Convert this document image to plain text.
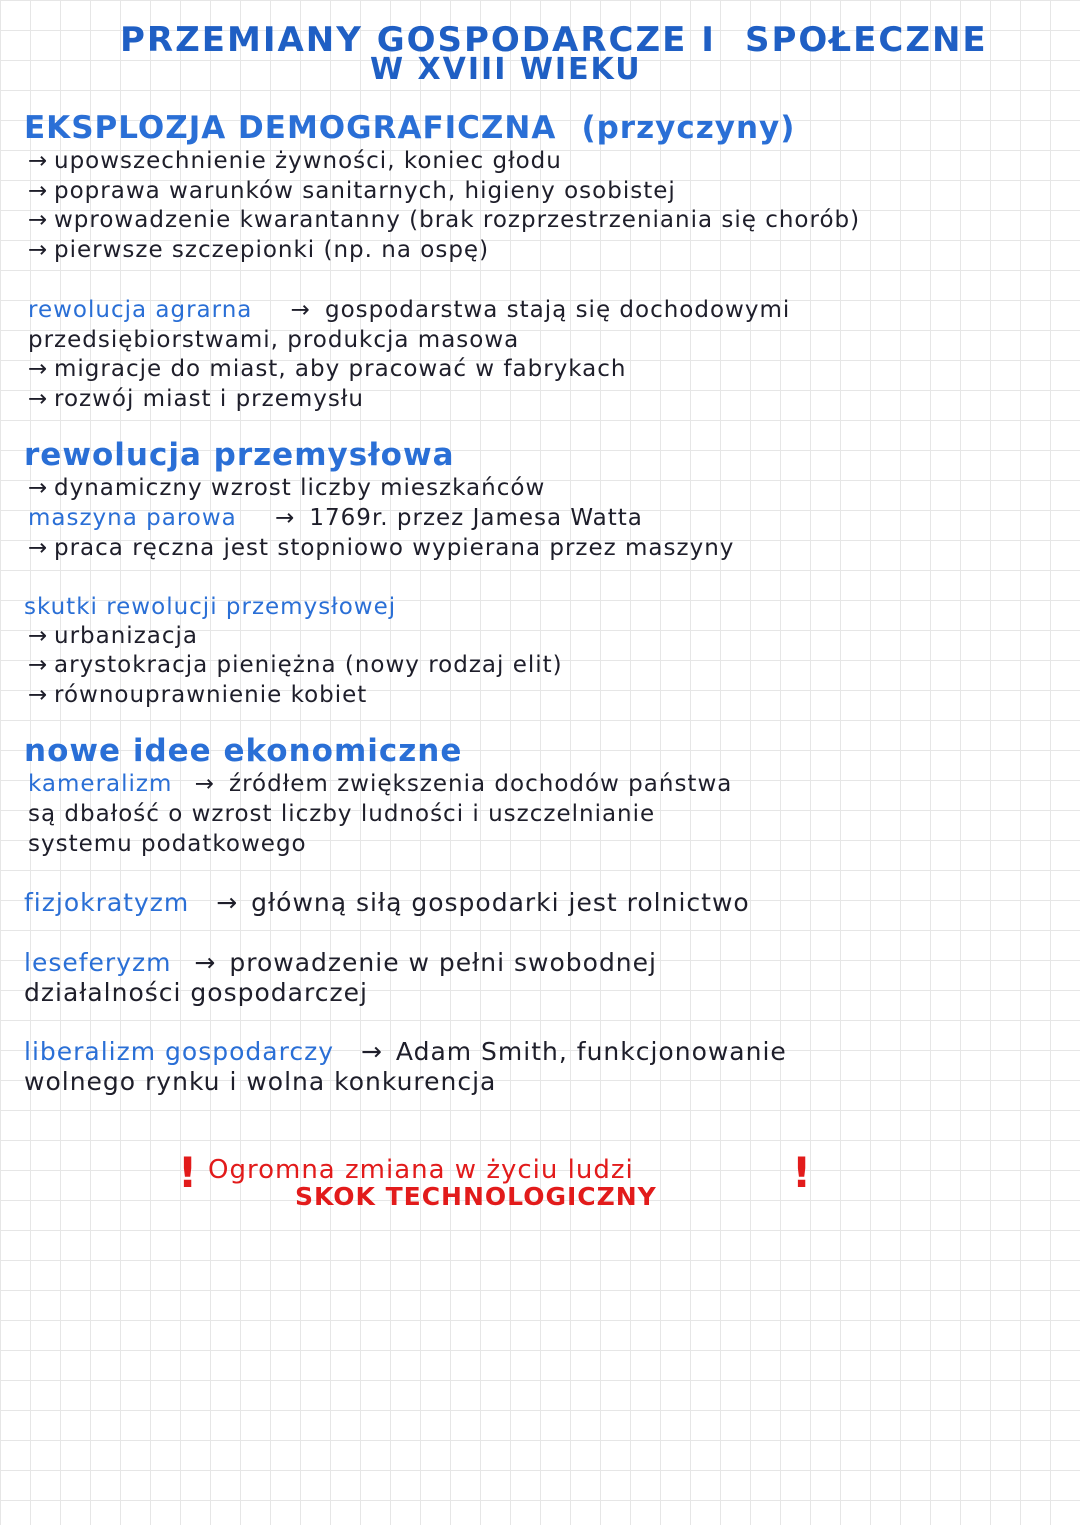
PRZEMIANY GOSPODARCZE I SPOŁECZNE
W XVIII WIEKU
EKSPLOZJA DEMOGRAFICZNA (przyczyny)
→ upowszechnienie żywności, koniec głodu
→ poprawa warunków sanitarnych, higieny osobistej
→ wprowadzenie kwarantanny (brak rozprzestrzeniania się chorób)
→ pierwsze szczepionki (np. na ospę)
rewolucja agrarna → gospodarstwa stają się dochodowymi
przedsiębiorstwami, produkcja masowa
→ migracje do miast, aby pracować w fabrykach
→ rozwój miast i przemysłu
rewolucja przemysłowa
→ dynamiczny wzrost liczby mieszkańców
maszyna parowa → 1769r. przez Jamesa Watta
→ praca ręczna jest stopniowo wypierana przez maszyny
skutki rewolucji przemysłowej
→ urbanizacja
→ arystokracja pieniężna (nowy rodzaj elit)
→ równouprawnienie kobiet
nowe idee ekonomiczne
kameralizm → źródłem zwiększenia dochodów państwa
są dbałość o wzrost liczby ludności i uszczelnianie
systemu podatkowego
fizjokratyzm → główną siłą gospodarki jest rolnictwo
leseferyzm → prowadzenie w pełni swobodnej
działalności gospodarczej
liberalizm gospodarczy → Adam Smith, funkcjonowanie
wolnego rynku i wolna konkurencja
! Ogromna zmiana w życiu ludzi
SKOK TECHNOLOGICZNY	!
